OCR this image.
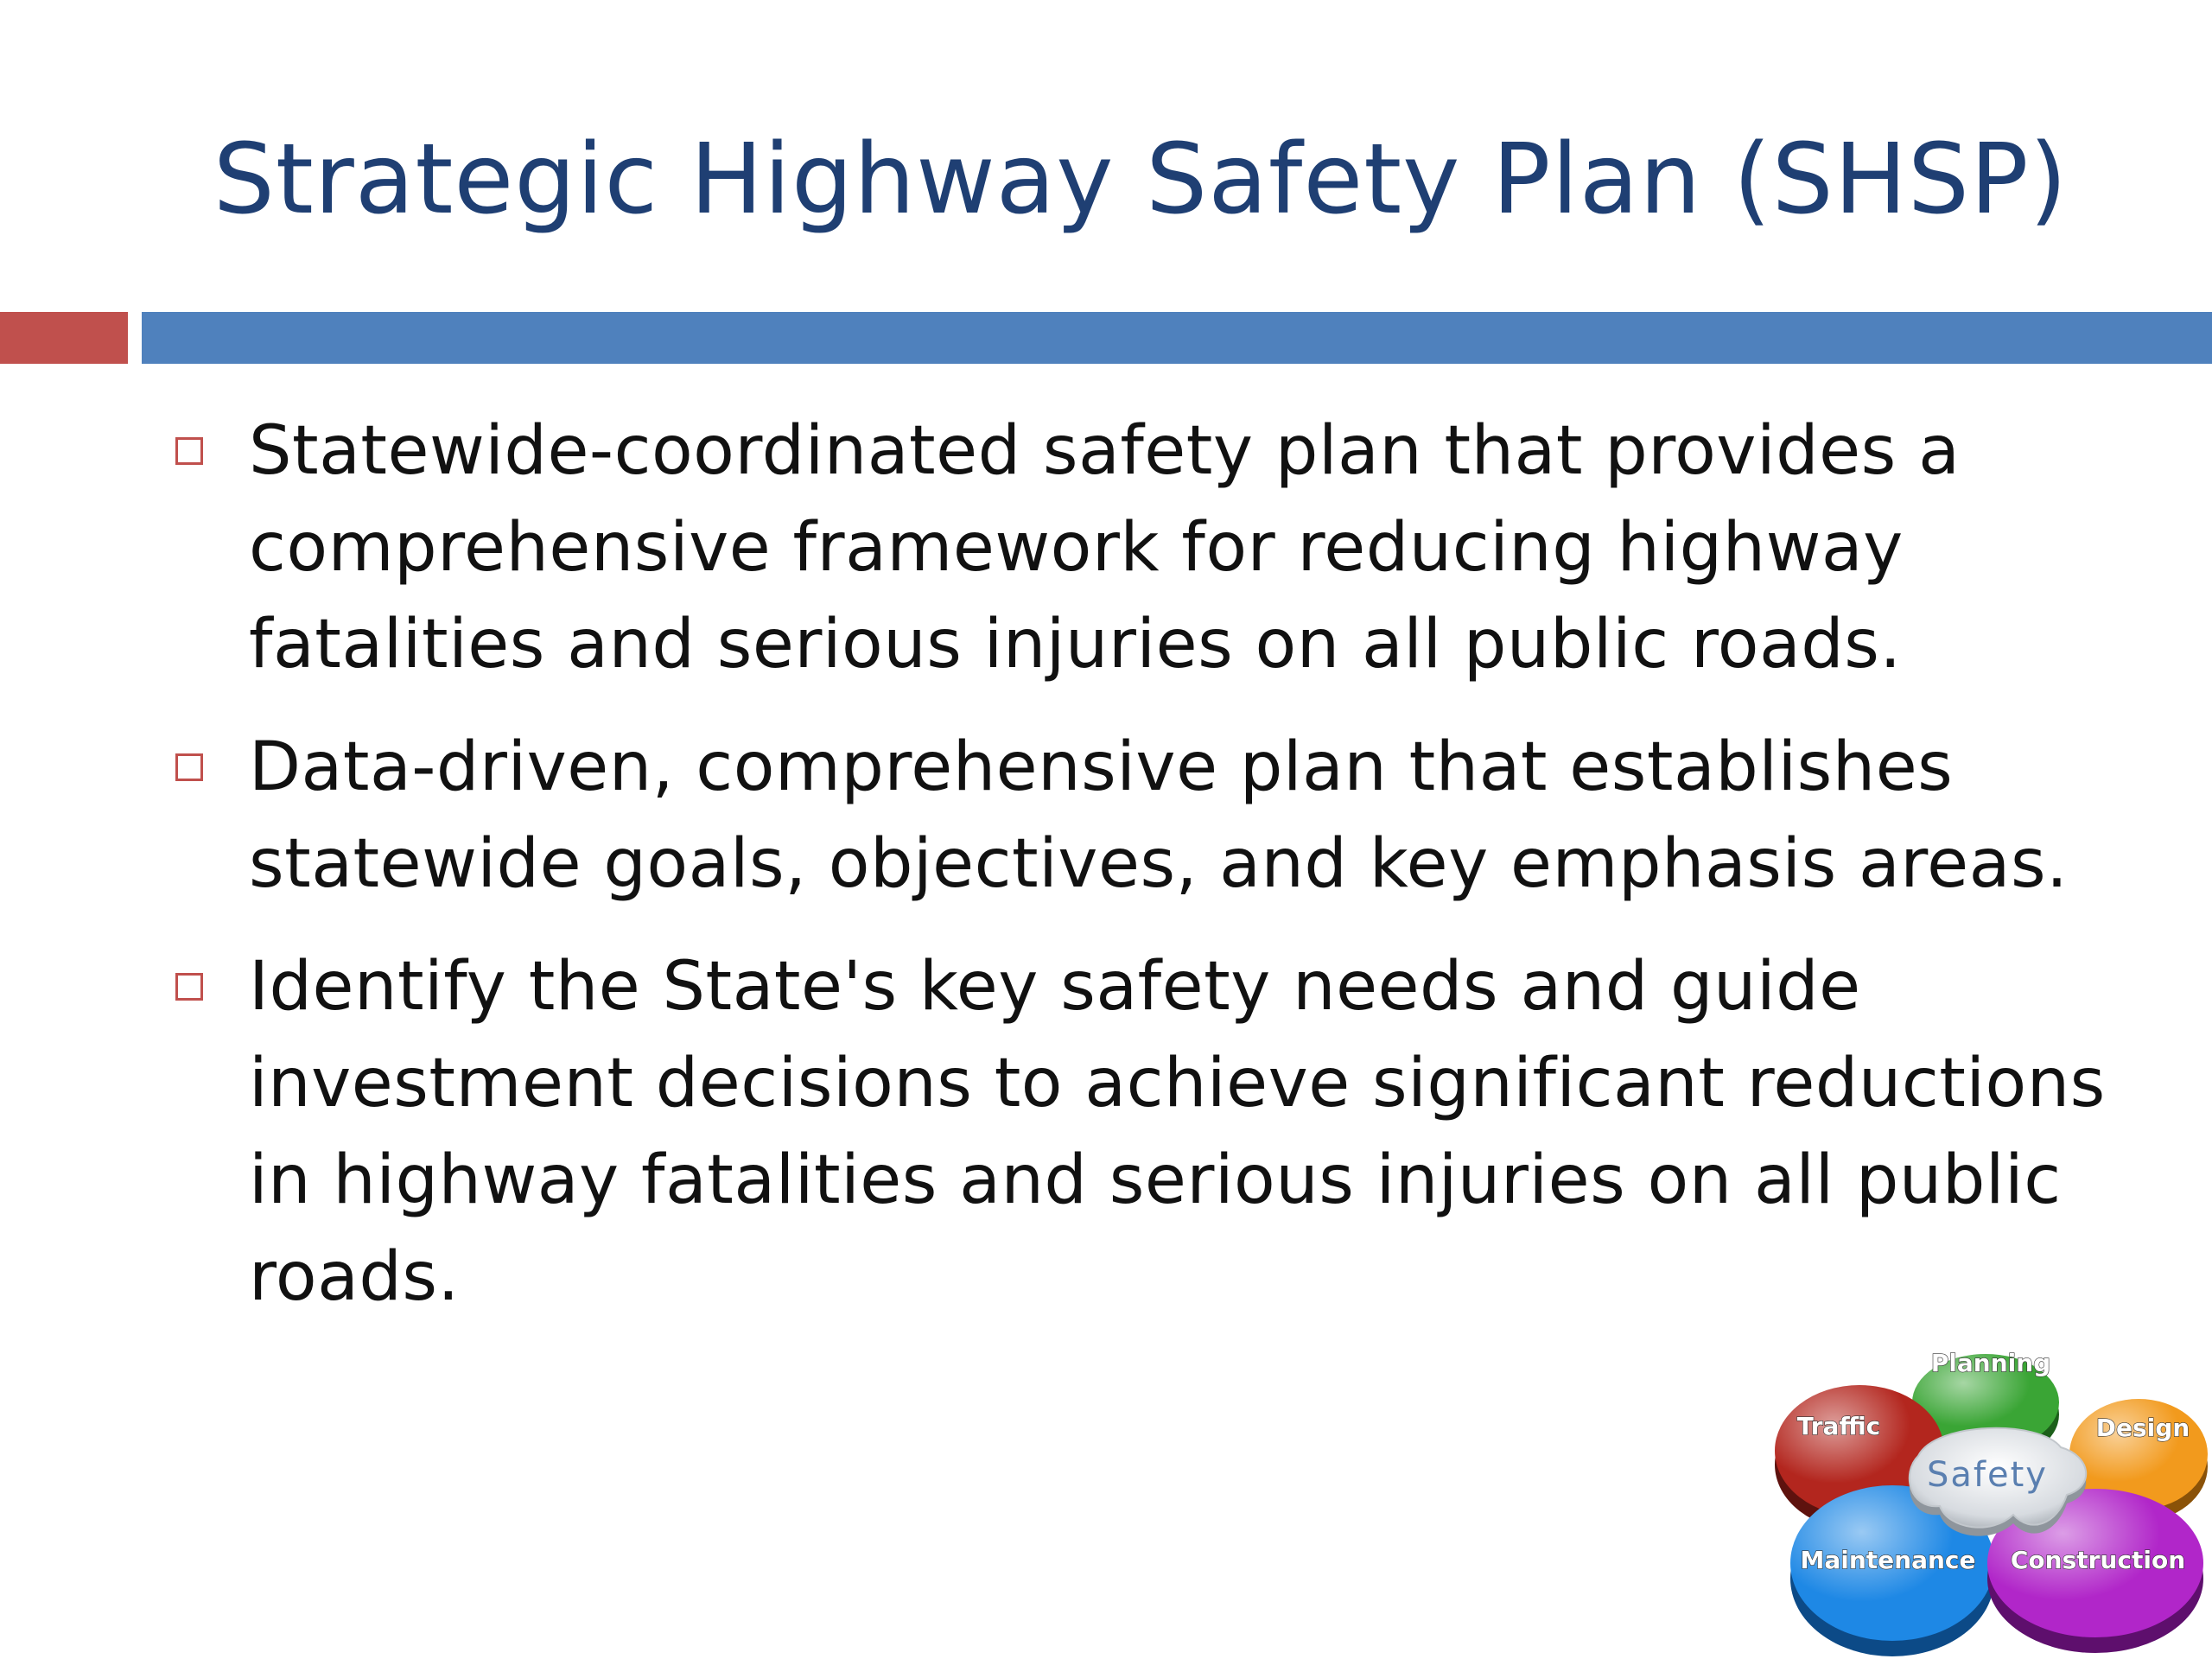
Strategic Highway Safety Plan (SHSP)
Statewide-coordinated safety plan that provides a comprehensive framework for reducing highway fatalities and serious injuries on all public roads.
Data-driven, comprehensive plan that establishes statewide goals, objectives, and key emphasis areas.
Identify the State's key safety needs and guide investment decisions to achieve significant reductions in highway fatalities and serious injuries on all public roads.
Planning
Design
Traffic
Maintenance Construction
Safety
